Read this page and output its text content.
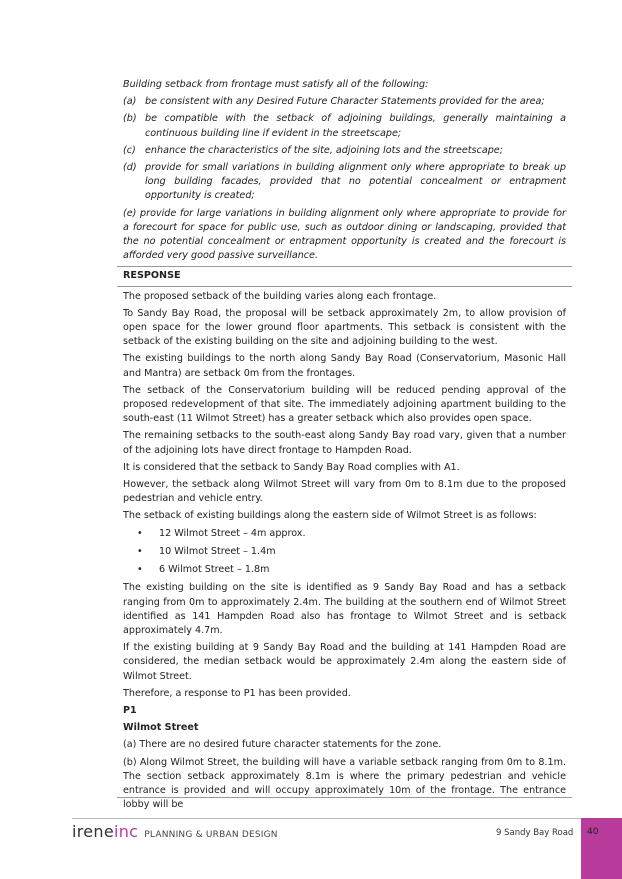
Building setback from frontage must satisfy all of the following:

(a) be consistent with any Desired Future Character Statements provided for the area;
(b) be compatible with the setback of adjoining buildings, generally maintaining a continuous building line if evident in the streetscape;
(c) enhance the characteristics of the site, adjoining lots and the streetscape;
(d) provide for small variations in building alignment only where appropriate to break up long building facades, provided that no potential concealment or entrapment opportunity is created;

(e) provide for large variations in building alignment only where appropriate to provide for a forecourt for space for public use, such as outdoor dining or landscaping, provided that the no potential concealment or entrapment opportunity is created and the forecourt is afforded very good passive surveillance.

RESPONSE

The proposed setback of the building varies along each frontage.

To Sandy Bay Road, the proposal will be setback approximately 2m, to allow provision of open space for the lower ground floor apartments. This setback is consistent with the setback of the existing building on the site and adjoining building to the west.

The existing buildings to the north along Sandy Bay Road (Conservatorium, Masonic Hall and Mantra) are setback 0m from the frontages.

The setback of the Conservatorium building will be reduced pending approval of the proposed redevelopment of that site. The immediately adjoining apartment building to the south-east (11 Wilmot Street) has a greater setback which also provides open space.

The remaining setbacks to the south-east along Sandy Bay road vary, given that a number of the adjoining lots have direct frontage to Hampden Road.

It is considered that the setback to Sandy Bay Road complies with A1.

However, the setback along Wilmot Street will vary from 0m to 8.1m due to the proposed pedestrian and vehicle entry.

The setback of existing buildings along the eastern side of Wilmot Street is as follows:

•	12 Wilmot Street – 4m approx.
•	10 Wilmot Street – 1.4m
•	6 Wilmot Street – 1.8m

The existing building on the site is identified as 9 Sandy Bay Road and has a setback ranging from 0m to approximately 2.4m. The building at the southern end of Wilmot Street identified as 141 Hampden Road also has frontage to Wilmot Street and is setback approximately 4.7m.

If the existing building at 9 Sandy Bay Road and the building at 141 Hampden Road are considered, the median setback would be approximately 2.4m along the eastern side of Wilmot Street.

Therefore, a response to P1 has been provided.

P1

Wilmot Street

(a) There are no desired future character statements for the zone.

(b) Along Wilmot Street, the building will have a variable setback ranging from 0m to 8.1m. The section setback approximately 8.1m is where the primary pedestrian and vehicle entrance is provided and will occupy approximately 10m of the frontage. The entrance lobby will be

ireneinc PLANNING & URBAN DESIGN	9 Sandy Bay Road 40
